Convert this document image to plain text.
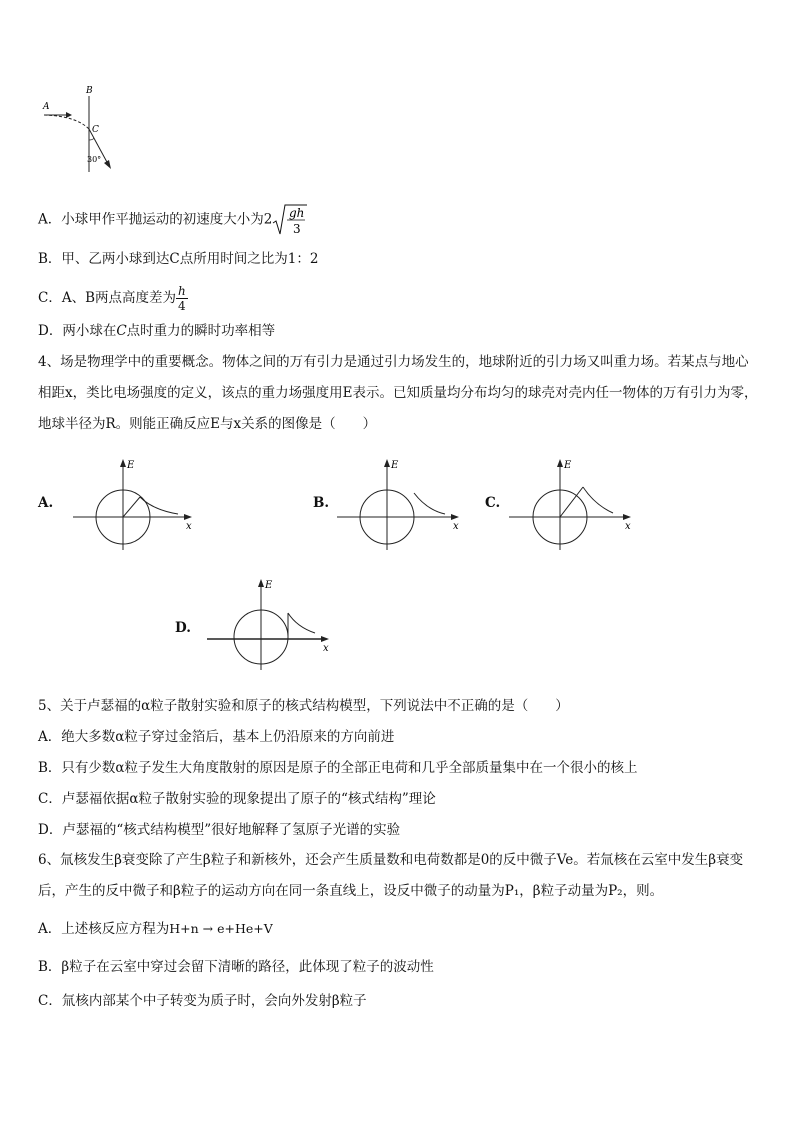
A
B
C
30°
A．小球甲作平抛运动的初速度大小为2 gh
3
B．甲、乙两小球到达C点所用时间之比为1：2
C．A、B两点高度差为 $\frac{h}{4}$
D．两小球在C点时重力的瞬时功率相等
4、场是物理学中的重要概念。物体之间的万有引力是通过引力场发生的，地球附近的引力场又叫重力场。若某点与地心相距x，类比电场强度的定义，该点的重力场强度用E表示。已知质量均分布均匀的球壳对壳内任一物体的万有引力为零，地球半径为R。则能正确反应E与x关系的图像是（　　）
A.
E
x
B.
E
x
C.
E
x
D.
E
x
5、关于卢瑟福的α粒子散射实验和原子的核式结构模型，下列说法中不正确的是（　　）
A．绝大多数α粒子穿过金箔后，基本上仍沿原来的方向前进
B．只有少数α粒子发生大角度散射的原因是原子的全部正电荷和几乎全部质量集中在一个很小的核上
C．卢瑟福依据α粒子散射实验的现象提出了原子的“核式结构”理论
D．卢瑟福的“核式结构模型”很好地解释了氢原子光谱的实验
6、氚核发生β衰变除了产生β粒子和新核外，还会产生质量数和电荷数都是0的反中微子Ve。若氚核在云室中发生β衰变后，产生的反中微子和β粒子的运动方向在同一条直线上，设反中微子的动量为P₁，β粒子动量为P₂，则。
A．上述核反应方程为H+n → e+He+V
B．β粒子在云室中穿过会留下清晰的路径，此体现了粒子的波动性
C．氚核内部某个中子转变为质子时，会向外发射β粒子
